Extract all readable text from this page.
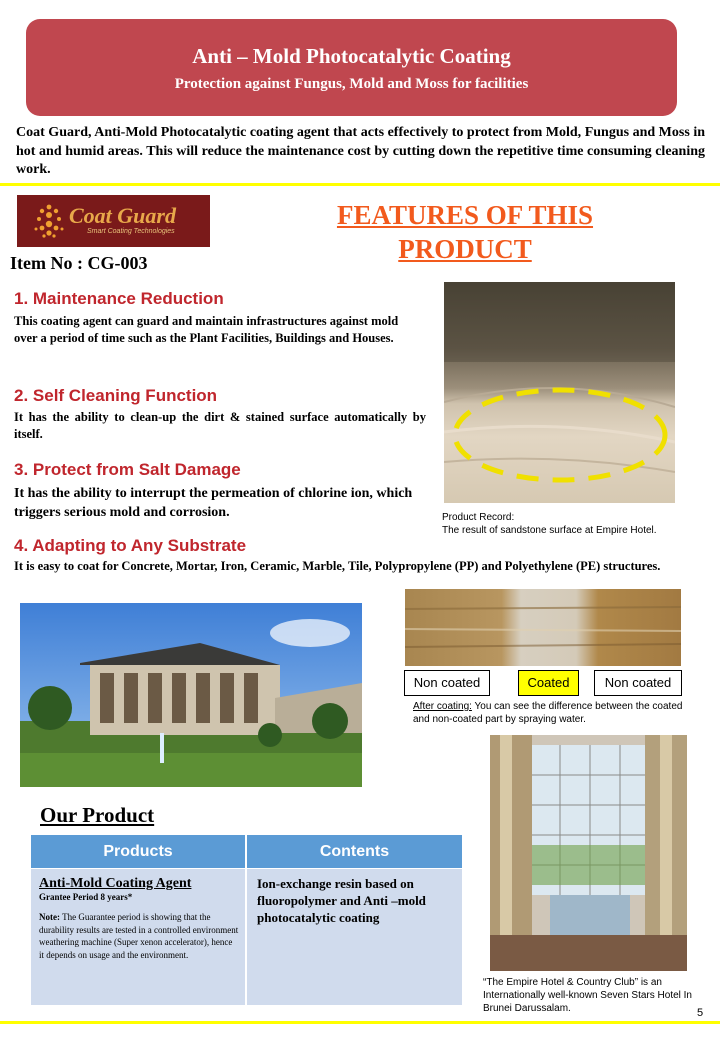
Anti – Mold Photocatalytic Coating
Protection against Fungus, Mold and Moss for facilities
Coat Guard, Anti-Mold Photocatalytic coating agent that acts effectively to protect from Mold, Fungus and Moss in hot and humid areas. This will reduce the maintenance cost by cutting down the repetitive time consuming cleaning work.
Coat Guard
Smart Coating Technologies
Item No : CG-003
FEATURES OF THIS
PRODUCT
1. Maintenance Reduction
This coating agent can guard and maintain infrastructures against mold over a period of time such as the Plant Facilities, Buildings and Houses.
2. Self Cleaning Function
It has the ability to clean-up the dirt & stained surface automatically by itself.
3. Protect from Salt Damage
It has the ability to interrupt the permeation of chlorine ion, which triggers serious mold and corrosion.
4. Adapting to Any Substrate
It is easy to coat for Concrete, Mortar, Iron, Ceramic, Marble, Tile, Polypropylene (PP) and Polyethylene (PE) structures.
Product Record:
The result of sandstone surface at Empire Hotel.
Non coated	Coated	Non coated
After coating: You can see the difference between the coated and non-coated part by spraying water.
“The Empire Hotel & Country Club” is an Internationally well-known Seven Stars Hotel In Brunei Darussalam.
Our Product
Products	Contents
Anti-Mold Coating Agent
Grantee Period 8 years*
Note: The Guarantee period is showing that the durability results are tested in a controlled environment weathering machine (Super xenon accelerator), hence it depends on usage and the environment.
Ion-exchange resin based on fluoropolymer and Anti –mold photocatalytic coating
5
